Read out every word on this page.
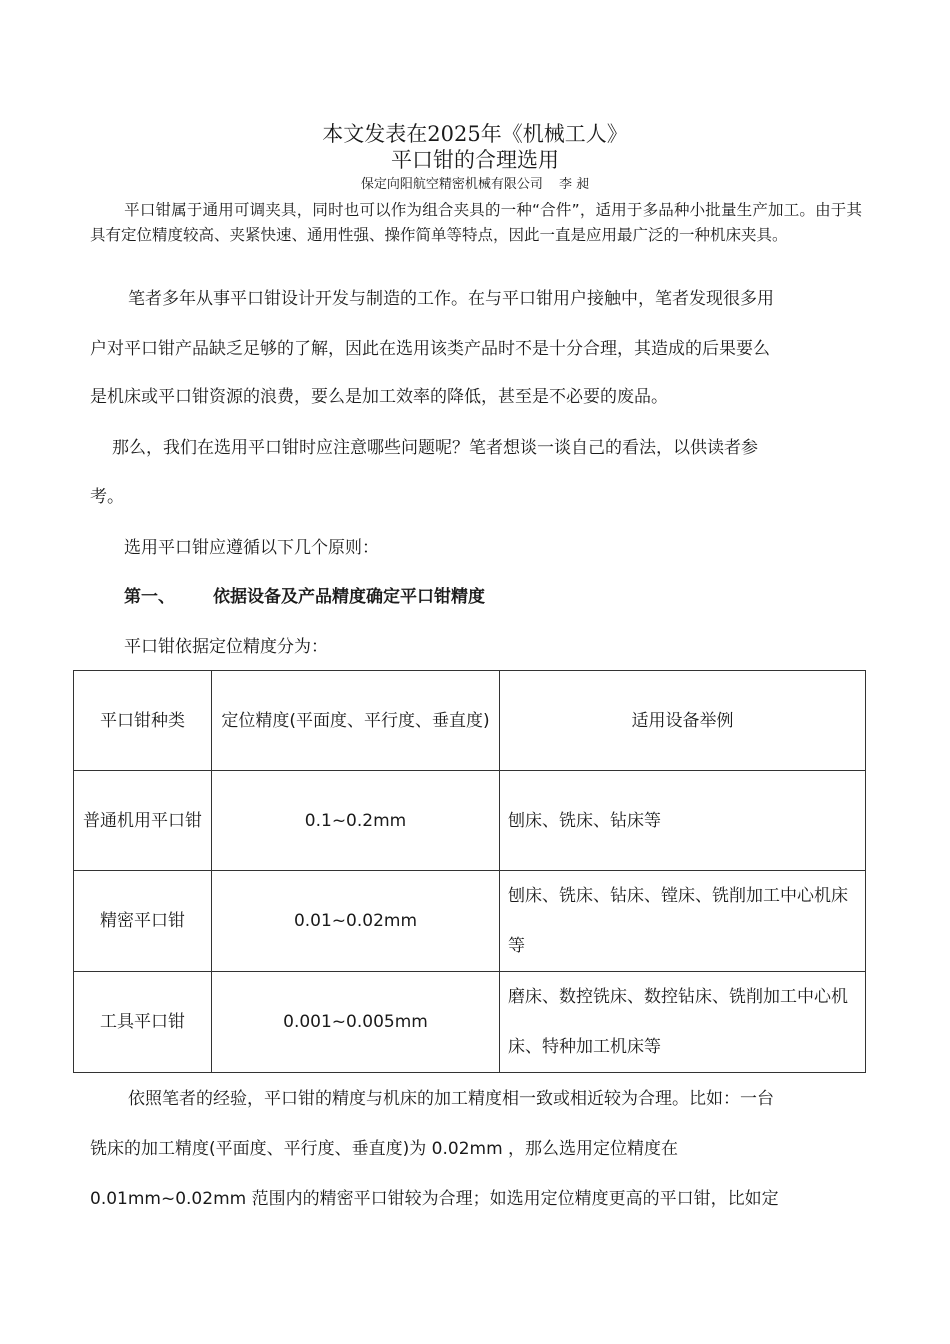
本文发表在2025年《机械工人》
平口钳的合理选用
保定向阳航空精密机械有限公司 李 昶
平口钳属于通用可调夹具，同时也可以作为组合夹具的一种“合件”，适用于多品种小批量生产加工。由于其具有定位精度较高、夹紧快速、通用性强、操作简单等特点，因此一直是应用最广泛的一种机床夹具。
笔者多年从事平口钳设计开发与制造的工作。在与平口钳用户接触中，笔者发现很多用
户对平口钳产品缺乏足够的了解，因此在选用该类产品时不是十分合理，其造成的后果要么
是机床或平口钳资源的浪费，要么是加工效率的降低，甚至是不必要的废品。
那么，我们在选用平口钳时应注意哪些问题呢？笔者想谈一谈自己的看法，以供读者参
考。
选用平口钳应遵循以下几个原则：
第一、 依据设备及产品精度确定平口钳精度
平口钳依据定位精度分为：
平口钳种类	定位精度(平面度、平行度、垂直度)	适用设备举例
普通机用平口钳	0.1~0.2mm	刨床、铣床、钻床等
精密平口钳	0.01~0.02mm	刨床、铣床、钻床、镗床、铣削加工中心机床等
工具平口钳	0.001~0.005mm	磨床、数控铣床、数控钻床、铣削加工中心机床、特种加工机床等
依照笔者的经验，平口钳的精度与机床的加工精度相一致或相近较为合理。比如：一台
铣床的加工精度(平面度、平行度、垂直度)为 0.02mm ，那么选用定位精度在
0.01mm~0.02mm 范围内的精密平口钳较为合理；如选用定位精度更高的平口钳，比如定
